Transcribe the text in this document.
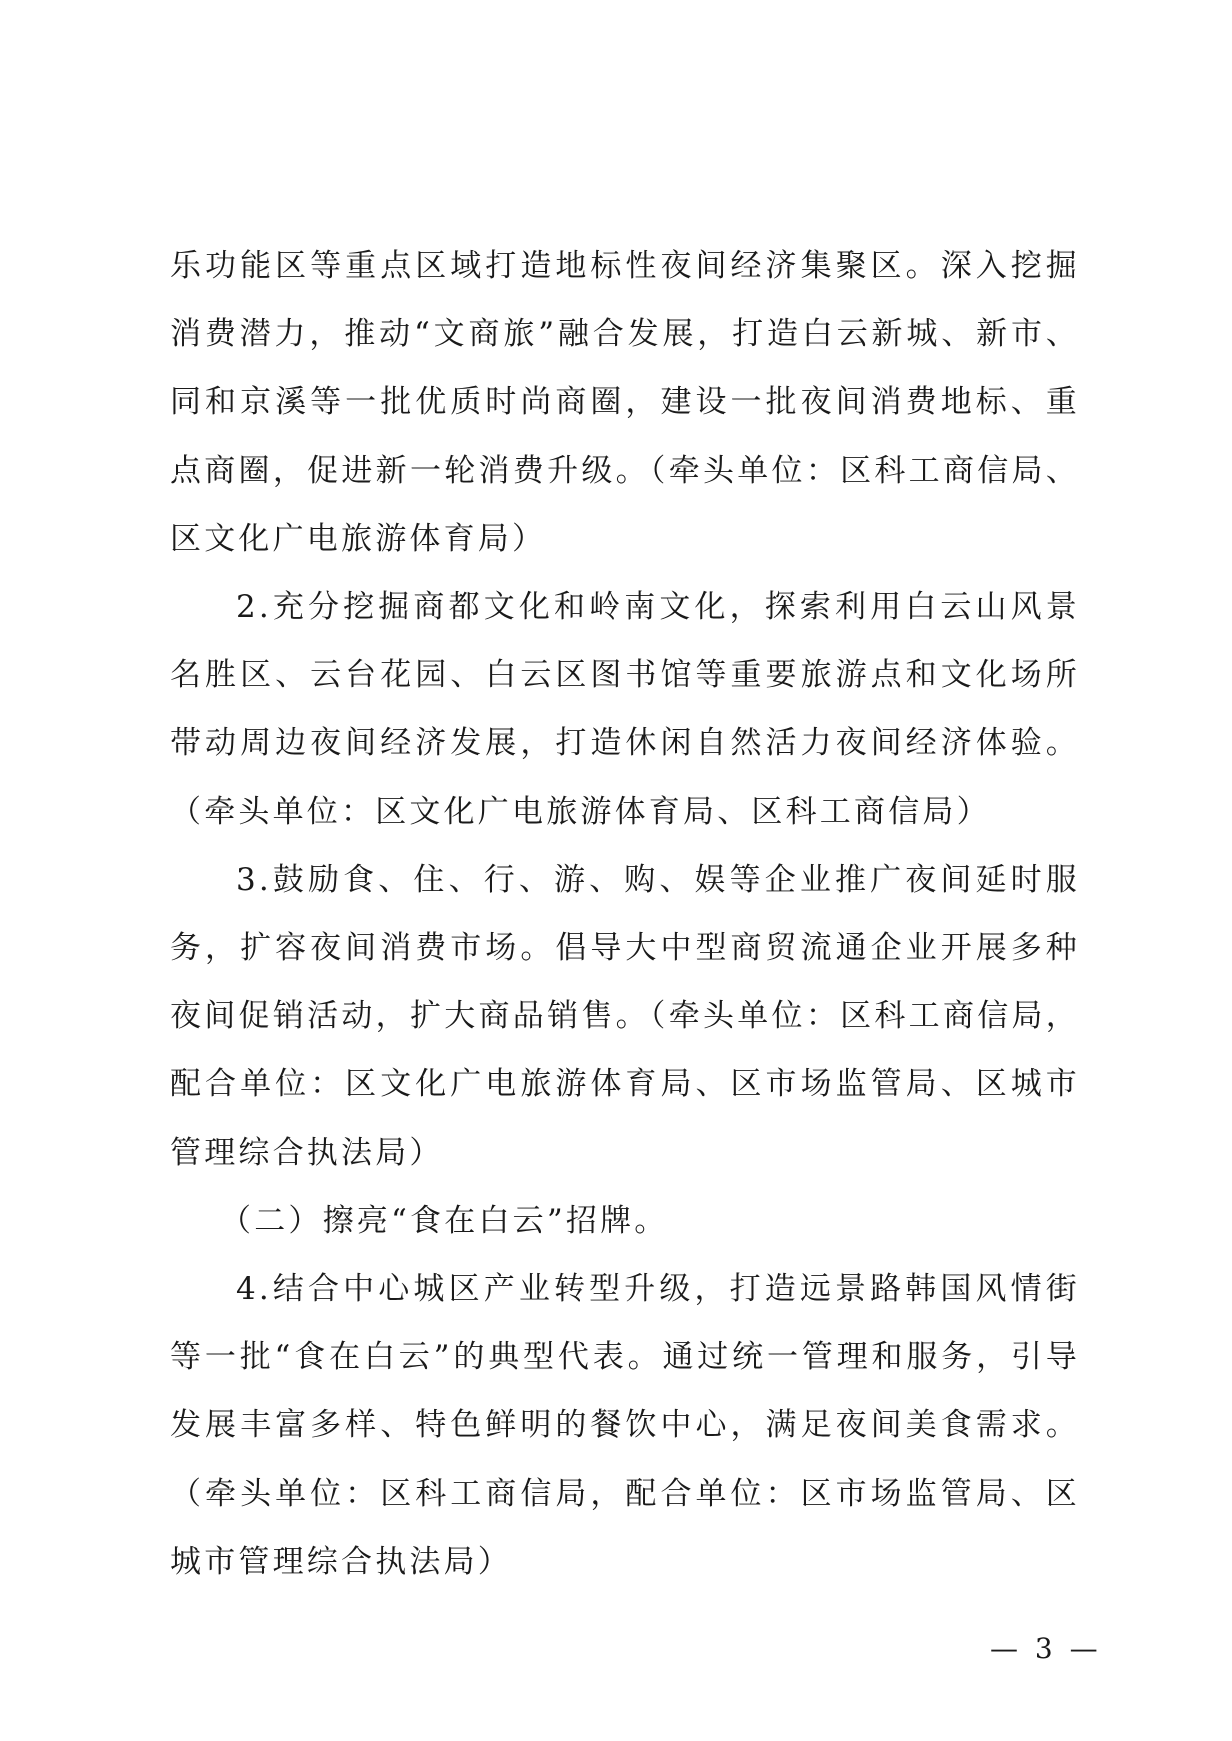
乐功能区等重点区域打造地标性夜间经济集聚区。深入挖掘消费潜力，推动“文商旅”融合发展，打造白云新城、新市、同和京溪等一批优质时尚商圈，建设一批夜间消费地标、重点商圈，促进新一轮消费升级。（牵头单位：区科工商信局、区文化广电旅游体育局）

2.充分挖掘商都文化和岭南文化，探索利用白云山风景名胜区、云台花园、白云区图书馆等重要旅游点和文化场所带动周边夜间经济发展，打造休闲自然活力夜间经济体验。（牵头单位：区文化广电旅游体育局、区科工商信局）

3.鼓励食、住、行、游、购、娱等企业推广夜间延时服务，扩容夜间消费市场。倡导大中型商贸流通企业开展多种夜间促销活动，扩大商品销售。（牵头单位：区科工商信局，配合单位：区文化广电旅游体育局、区市场监管局、区城市管理综合执法局）

（二）擦亮“食在白云”招牌。

4.结合中心城区产业转型升级，打造远景路韩国风情街等一批“食在白云”的典型代表。通过统一管理和服务，引导发展丰富多样、特色鲜明的餐饮中心，满足夜间美食需求。（牵头单位：区科工商信局，配合单位：区市场监管局、区城市管理综合执法局）

— 3 —
